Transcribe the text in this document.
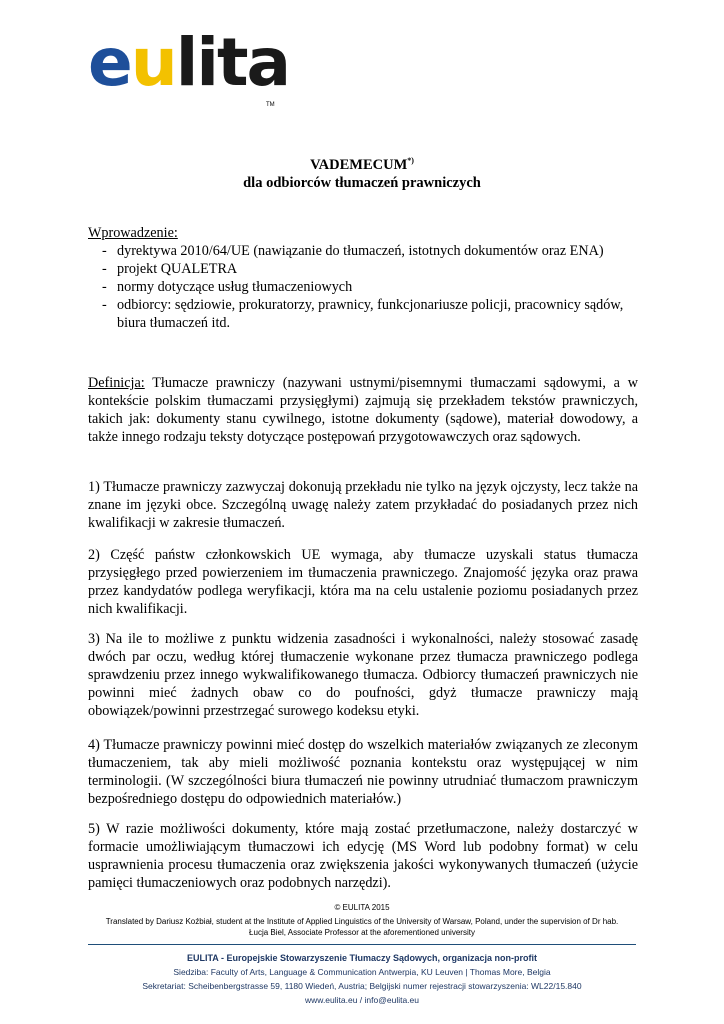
eulita
TM
VADEMECUM*)
dla odbiorców tłumaczeń prawniczych
Wprowadzenie:
- dyrektywa 2010/64/UE (nawiązanie do tłumaczeń, istotnych dokumentów oraz ENA)
- projekt QUALETRA
- normy dotyczące usług tłumaczeniowych
- odbiorcy: sędziowie, prokuratorzy, prawnicy, funkcjonariusze policji, pracownicy sądów, biura tłumaczeń itd.
Definicja: Tłumacze prawniczy (nazywani ustnymi/pisemnymi tłumaczami sądowymi, a w kontekście polskim tłumaczami przysięgłymi) zajmują się przekładem tekstów prawniczych, takich jak: dokumenty stanu cywilnego, istotne dokumenty (sądowe), materiał dowodowy, a także innego rodzaju teksty dotyczące postępowań przygotowawczych oraz sądowych.
1) Tłumacze prawniczy zazwyczaj dokonują przekładu nie tylko na język ojczysty, lecz także na znane im języki obce. Szczególną uwagę należy zatem przykładać do posiadanych przez nich kwalifikacji w zakresie tłumaczeń.
2) Część państw członkowskich UE wymaga, aby tłumacze uzyskali status tłumacza przysięgłego przed powierzeniem im tłumaczenia prawniczego. Znajomość języka oraz prawa przez kandydatów podlega weryfikacji, która ma na celu ustalenie poziomu posiadanych przez nich kwalifikacji.
3) Na ile to możliwe z punktu widzenia zasadności i wykonalności, należy stosować zasadę dwóch par oczu, według której tłumaczenie wykonane przez tłumacza prawniczego podlega sprawdzeniu przez innego wykwalifikowanego tłumacza. Odbiorcy tłumaczeń prawniczych nie powinni mieć żadnych obaw co do poufności, gdyż tłumacze prawniczy mają obowiązek/powinni przestrzegać surowego kodeksu etyki.
4) Tłumacze prawniczy powinni mieć dostęp do wszelkich materiałów związanych ze zleconym tłumaczeniem, tak aby mieli możliwość poznania kontekstu oraz występującej w nim terminologii. (W szczególności biura tłumaczeń nie powinny utrudniać tłumaczom prawniczym bezpośredniego dostępu do odpowiednich materiałów.)
5) W razie możliwości dokumenty, które mają zostać przetłumaczone, należy dostarczyć w formacie umożliwiającym tłumaczowi ich edycję (MS Word lub podobny format) w celu usprawnienia procesu tłumaczenia oraz zwiększenia jakości wykonywanych tłumaczeń (użycie pamięci tłumaczeniowych oraz podobnych narzędzi).
© EULITA 2015
Translated by Dariusz Koźbiał, student at the Institute of Applied Linguistics of the University of Warsaw, Poland, under the supervision of Dr hab.
Łucja Biel, Associate Professor at the aforementioned university
EULITA - Europejskie Stowarzyszenie Tłumaczy Sądowych, organizacja non-profit
Siedziba: Faculty of Arts, Language & Communication Antwerpia, KU Leuven | Thomas More, Belgia
Sekretariat: Scheibenbergstrasse 59, 1180 Wiedeń, Austria; Belgijski numer rejestracji stowarzyszenia: WL22/15.840
www.eulita.eu / info@eulita.eu
